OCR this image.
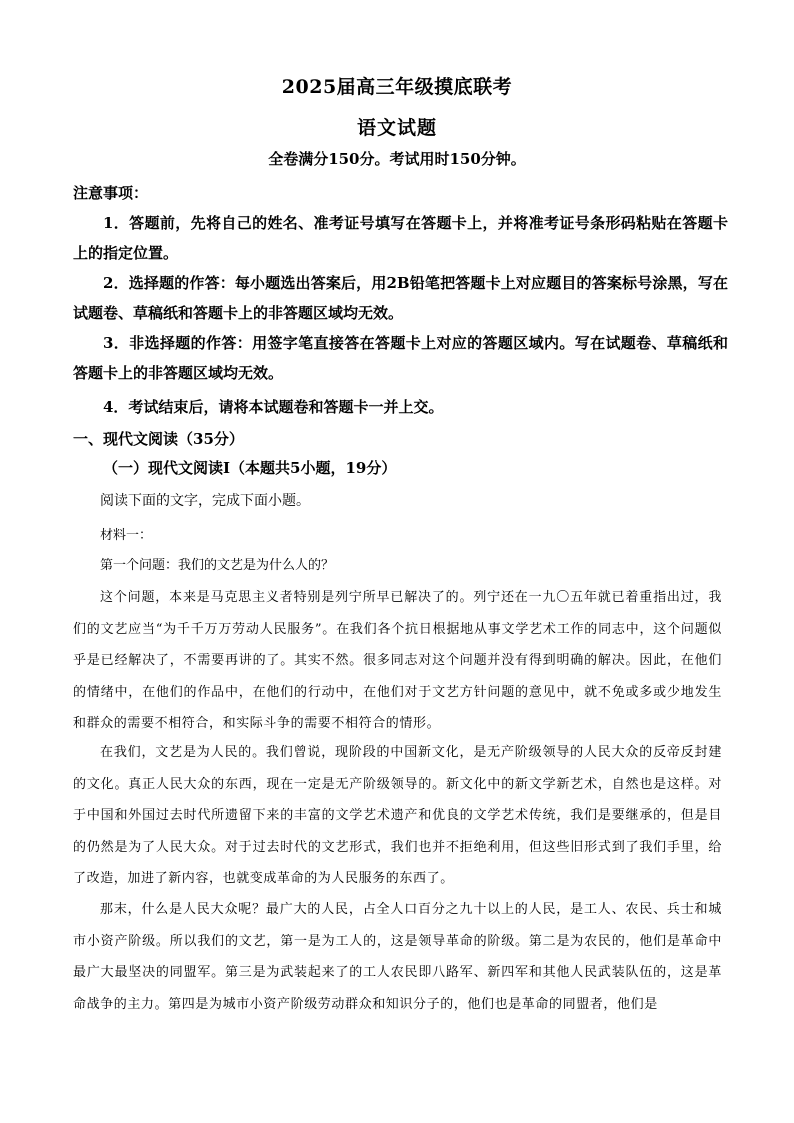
2025届高三年级摸底联考
语文试题
全卷满分150分。考试用时150分钟。
注意事项：
1．答题前，先将自己的姓名、准考证号填写在答题卡上，并将准考证号条形码粘贴在答题卡上的指定位置。
2．选择题的作答：每小题选出答案后，用2B铅笔把答题卡上对应题目的答案标号涂黑，写在试题卷、草稿纸和答题卡上的非答题区域均无效。
3．非选择题的作答：用签字笔直接答在答题卡上对应的答题区域内。写在试题卷、草稿纸和答题卡上的非答题区域均无效。
4．考试结束后，请将本试题卷和答题卡一并上交。
一、现代文阅读（35分）
（一）现代文阅读Ⅰ（本题共5小题，19分）
阅读下面的文字，完成下面小题。
材料一：
第一个问题：我们的文艺是为什么人的？
这个问题，本来是马克思主义者特别是列宁所早已解决了的。列宁还在一九〇五年就已着重指出过，我们的文艺应当“为千千万万劳动人民服务”。在我们各个抗日根据地从事文学艺术工作的同志中，这个问题似乎是已经解决了，不需要再讲的了。其实不然。很多同志对这个问题并没有得到明确的解决。因此，在他们的情绪中，在他们的作品中，在他们的行动中，在他们对于文艺方针问题的意见中，就不免或多或少地发生和群众的需要不相符合，和实际斗争的需要不相符合的情形。
在我们，文艺是为人民的。我们曾说，现阶段的中国新文化，是无产阶级领导的人民大众的反帝反封建的文化。真正人民大众的东西，现在一定是无产阶级领导的。新文化中的新文学新艺术，自然也是这样。对于中国和外国过去时代所遗留下来的丰富的文学艺术遗产和优良的文学艺术传统，我们是要继承的，但是目的仍然是为了人民大众。对于过去时代的文艺形式，我们也并不拒绝利用，但这些旧形式到了我们手里，给了改造，加进了新内容，也就变成革命的为人民服务的东西了。
那末，什么是人民大众呢？最广大的人民，占全人口百分之九十以上的人民，是工人、农民、兵士和城市小资产阶级。所以我们的文艺，第一是为工人的，这是领导革命的阶级。第二是为农民的，他们是革命中最广大最坚决的同盟军。第三是为武装起来了的工人农民即八路军、新四军和其他人民武装队伍的，这是革命战争的主力。第四是为城市小资产阶级劳动群众和知识分子的，他们也是革命的同盟者，他们是
